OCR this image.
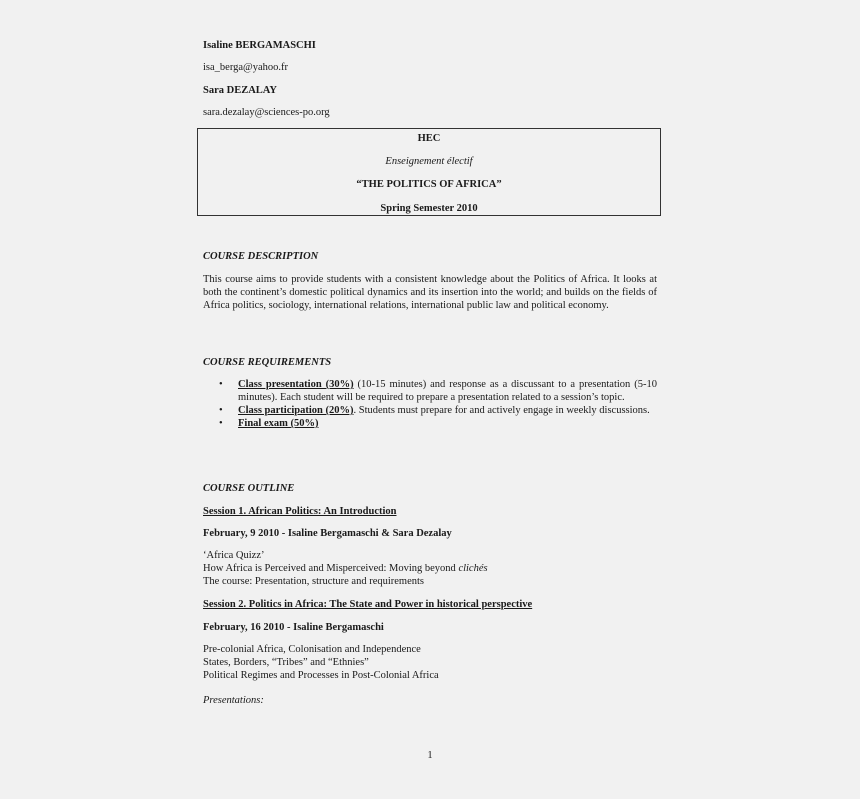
Isaline BERGAMASCHI
isa_berga@yahoo.fr
Sara DEZALAY
sara.dezalay@sciences-po.org
HEC
Enseignement électif
“THE POLITICS OF AFRICA”
Spring Semester 2010
COURSE DESCRIPTION
This course aims to provide students with a consistent knowledge about the Politics of Africa. It looks at both the continent’s domestic political dynamics and its insertion into the world; and builds on the fields of Africa politics, sociology, international relations, international public law and political economy.
COURSE REQUIREMENTS
• Class presentation (30%) (10-15 minutes) and response as a discussant to a presentation (5-10 minutes). Each student will be required to prepare a presentation related to a session’s topic.
• Class participation (20%). Students must prepare for and actively engage in weekly discussions.
• Final exam (50%)
COURSE OUTLINE
Session 1. African Politics: An Introduction
February, 9 2010 - Isaline Bergamaschi & Sara Dezalay
‘Africa Quizz’
How Africa is Perceived and Misperceived: Moving beyond clichés
The course: Presentation, structure and requirements
Session 2. Politics in Africa: The State and Power in historical perspective
February, 16 2010 - Isaline Bergamaschi
Pre-colonial Africa, Colonisation and Independence
States, Borders, “Tribes” and “Ethnies”
Political Regimes and Processes in Post-Colonial Africa
Presentations:
1
